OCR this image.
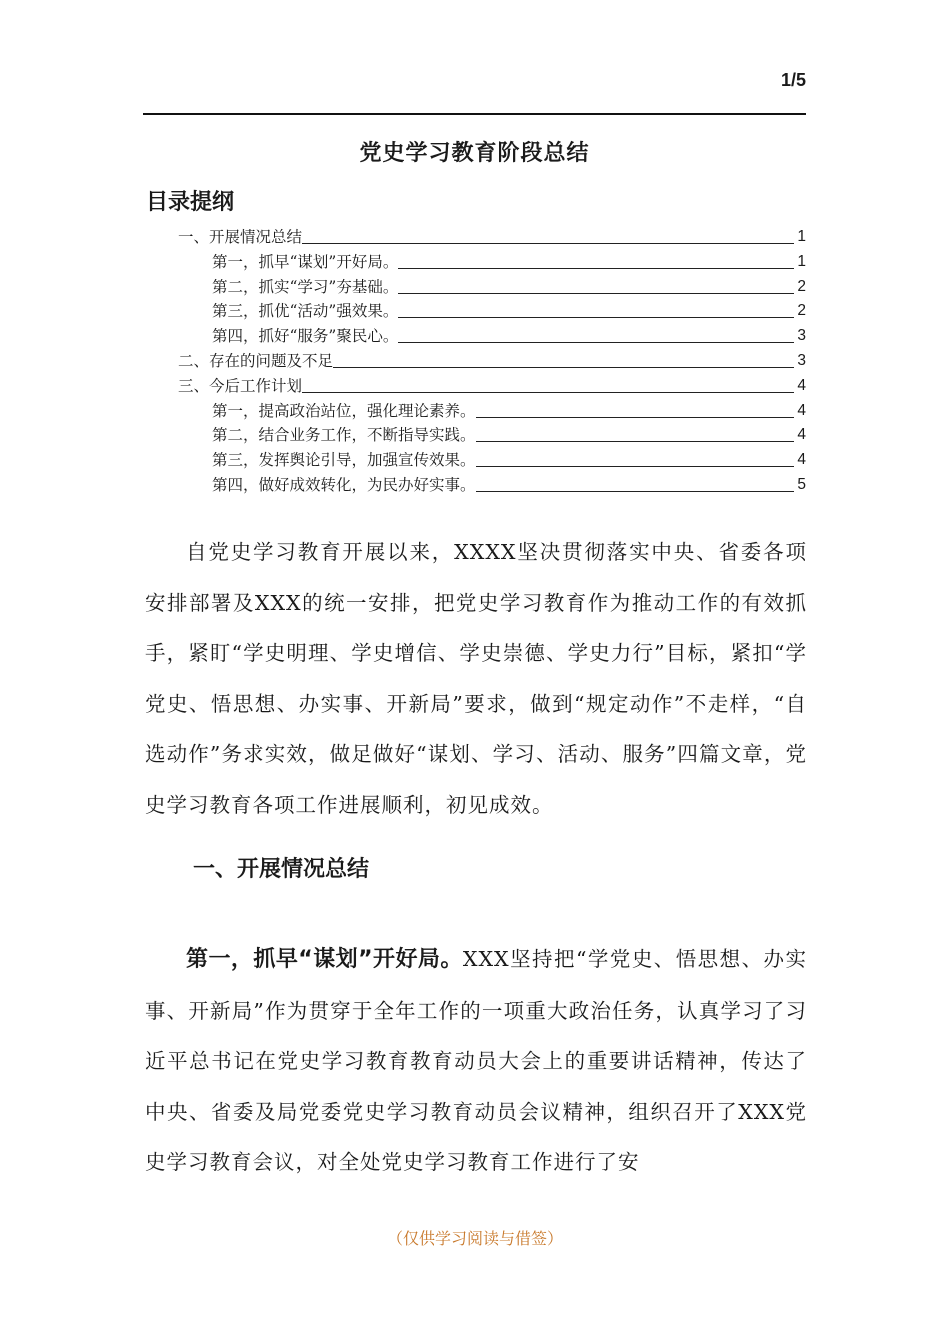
1/5
党史学习教育阶段总结
目录提纲
一、开展情况总结	1
第一，抓早“谋划”开好局。	1
第二，抓实“学习”夯基础。	2
第三，抓优“活动”强效果。	2
第四，抓好“服务”聚民心。	3
二、存在的问题及不足	3
三、今后工作计划	4
第一，提高政治站位，强化理论素养。	4
第二，结合业务工作，不断指导实践。	4
第三，发挥舆论引导，加强宣传效果。	4
第四，做好成效转化，为民办好实事。	5

自党史学习教育开展以来，XXXX坚决贯彻落实中央、省委各项安排部署及XXX的统一安排，把党史学习教育作为推动工作的有效抓手，紧盯“学史明理、学史增信、学史崇德、学史力行”目标，紧扣“学党史、悟思想、办实事、开新局”要求，做到“规定动作”不走样，“自选动作”务求实效，做足做好“谋划、学习、活动、服务”四篇文章，党史学习教育各项工作进展顺利，初见成效。

一、开展情况总结

第一，抓早“谋划”开好局。XXX坚持把“学党史、悟思想、办实事、开新局”作为贯穿于全年工作的一项重大政治任务，认真学习了习近平总书记在党史学习教育教育动员大会上的重要讲话精神，传达了中央、省委及局党委党史学习教育动员会议精神，组织召开了XXX党史学习教育会议，对全处党史学习教育工作进行了安

（仅供学习阅读与借签）
